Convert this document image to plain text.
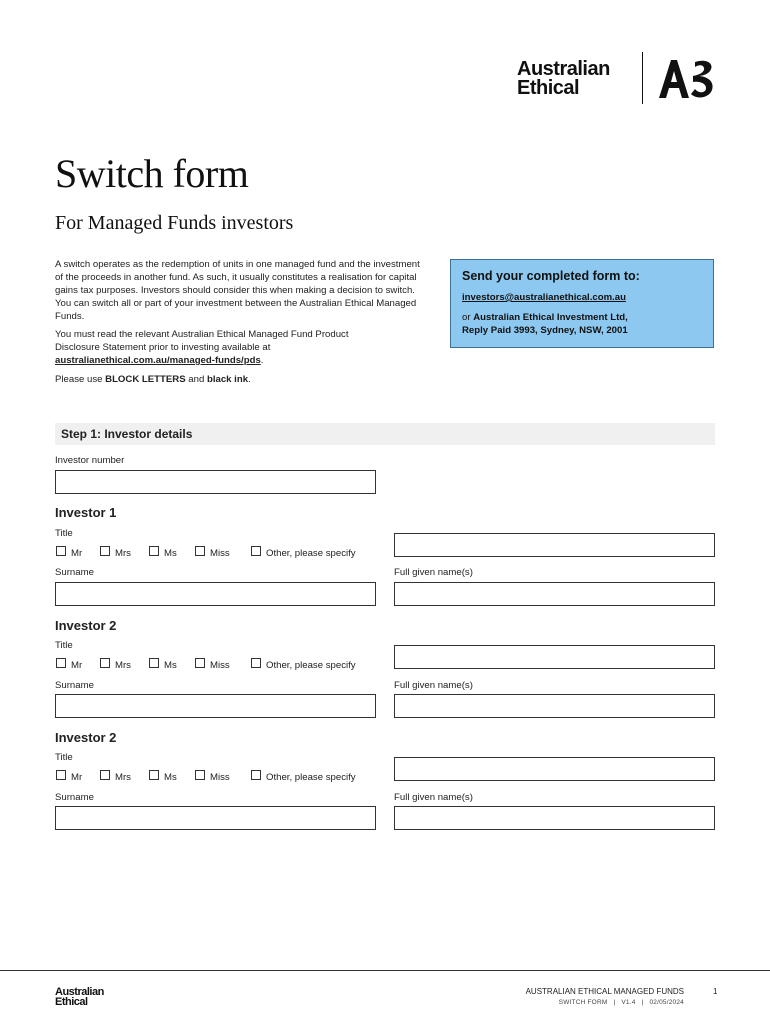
Australian
Ethical
Switch form
For Managed Funds investors
A switch operates as the redemption of units in one managed fund and the investment of the proceeds in another fund. As such, it usually constitutes a realisation for capital gains tax purposes. Investors should consider this when making a decision to switch. You can switch all or part of your investment between the Australian Ethical Managed Funds.
You must read the relevant Australian Ethical Managed Fund Product Disclosure Statement prior to investing available at australianethical.com.au/managed-funds/pds.
Please use BLOCK LETTERS and black ink.
Send your completed form to:
investors@australianethical.com.au
or Australian Ethical Investment Ltd,
Reply Paid 3993, Sydney, NSW, 2001
Step 1: Investor details
Investor number
Investor 1
Title
Mr	Mrs	Ms	Miss	Other, please specify
Surname	Full given name(s)
Investor 2
Title
Mr	Mrs	Ms	Miss	Other, please specify
Surname	Full given name(s)
Investor 2
Title
Mr	Mrs	Ms	Miss	Other, please specify
Surname	Full given name(s)
Australian
Ethical
AUSTRALIAN ETHICAL MANAGED FUNDS
SWITCH FORM   |   V1.4   |   02/05/2024
1
